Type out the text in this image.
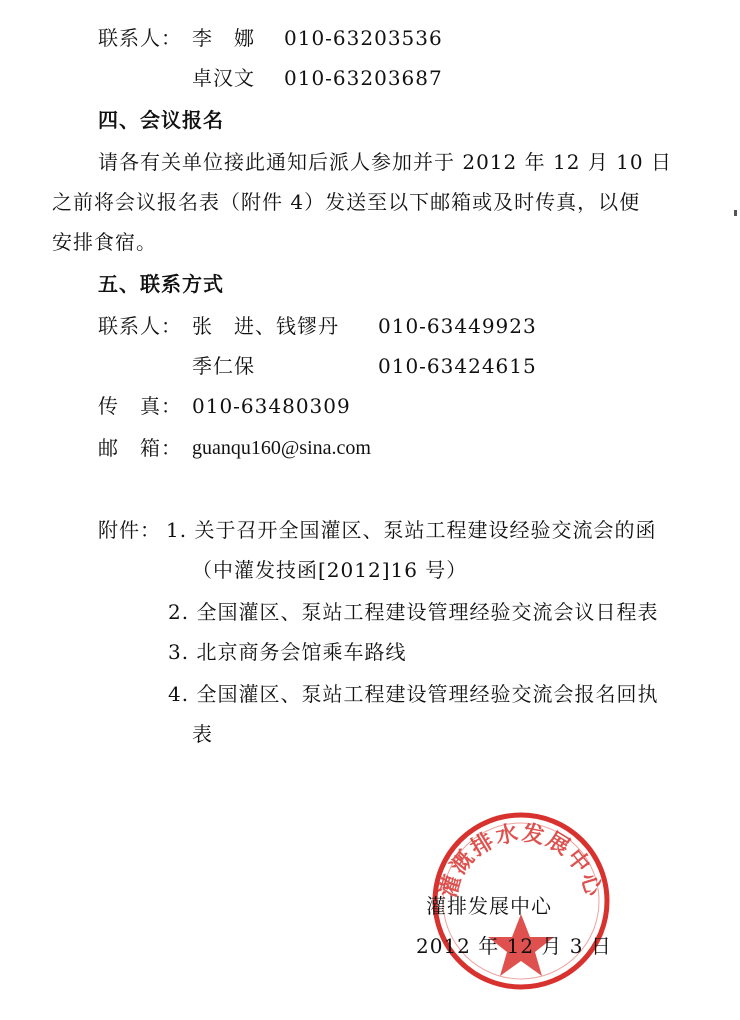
联系人： 李　娜 010-63203536
卓汉文 010-63203687
四、会议报名
请各有关单位接此通知后派人参加并于 2012 年 12 月 10 日
之前将会议报名表（附件 4）发送至以下邮箱或及时传真，以便
安排食宿。
五、联系方式
联系人： 张　进、钱镠丹 010-63449923
季仁保	010-63424615
传　真： 010-63480309
邮　箱： guanqu160@sina.com
附件： 1. 关于召开全国灌区、泵站工程建设经验交流会的函
（中灌发技函[2012]16 号）
2. 全国灌区、泵站工程建设管理经验交流会议日程表
3. 北京商务会馆乘车路线
4. 全国灌区、泵站工程建设管理经验交流会报名回执
表
灌溉排水发展中心
灌排发展中心
2012 年 12 月 3 日
